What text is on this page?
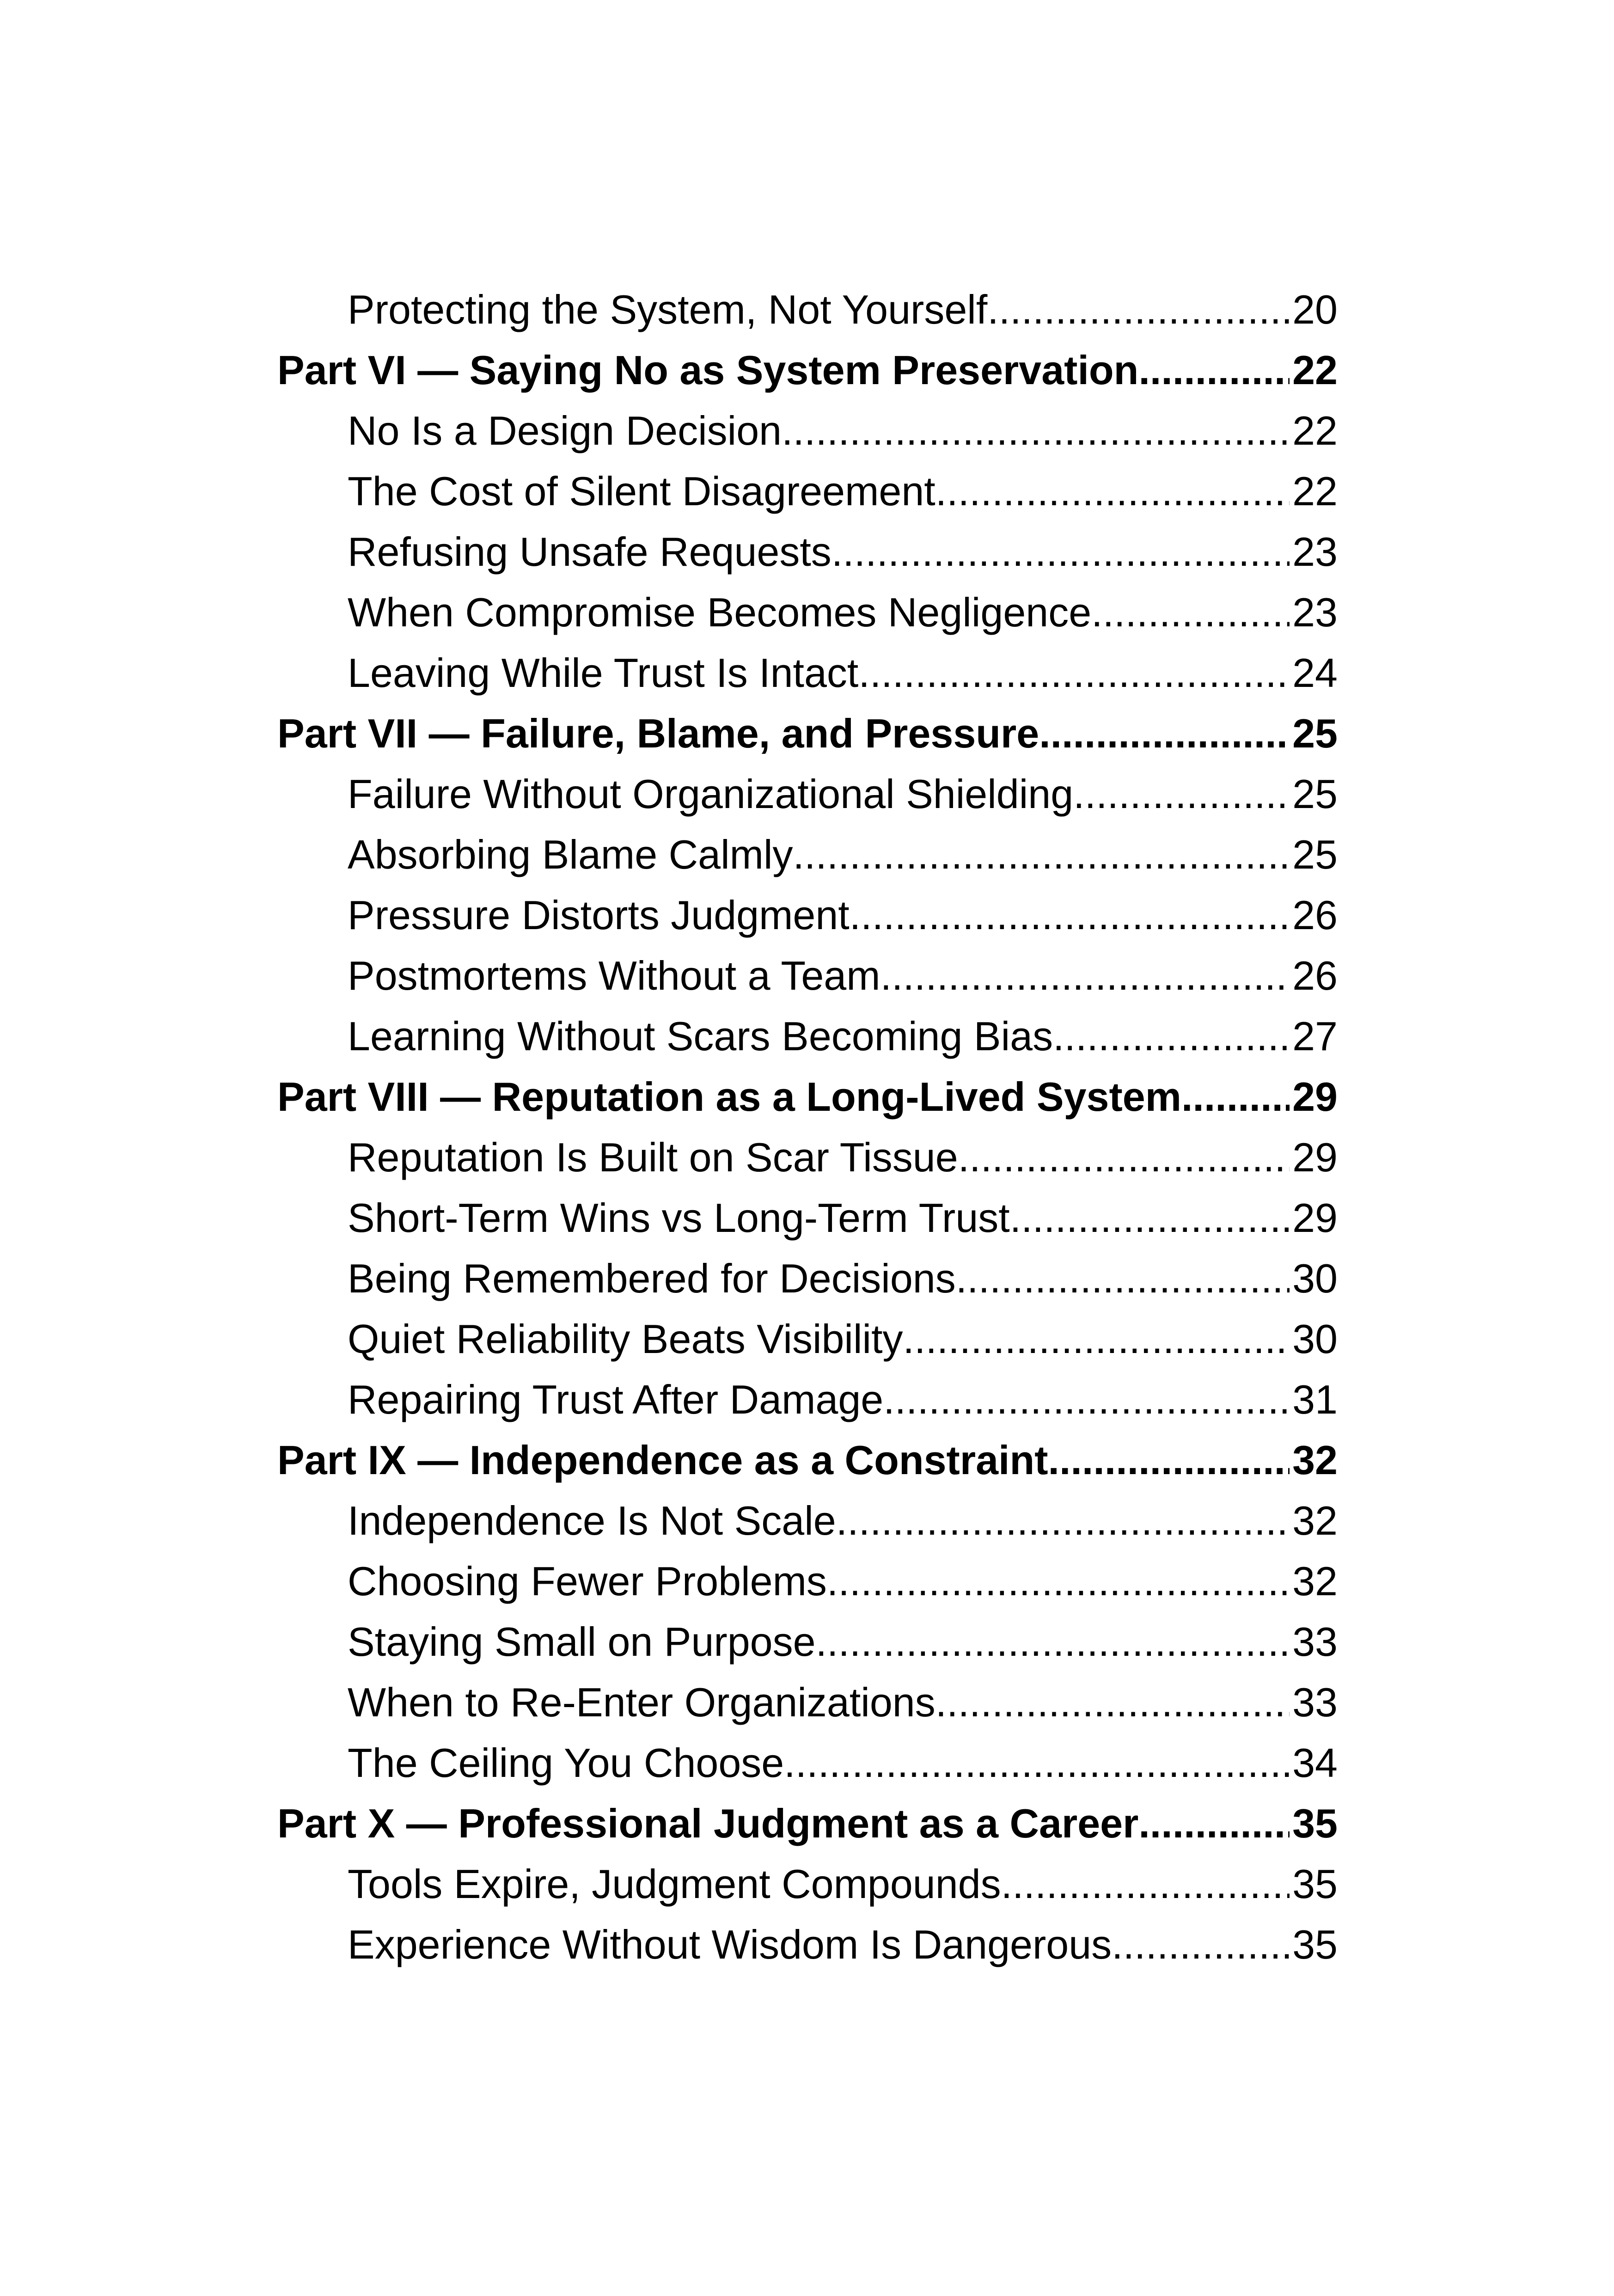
Protecting the System, Not Yourself .....	20
Part VI — Saying No as System Preservation .....	22
No Is a Design Decision .....	22
The Cost of Silent Disagreement .....	22
Refusing Unsafe Requests .....	23
When Compromise Becomes Negligence .....	23
Leaving While Trust Is Intact .....	24
Part VII — Failure, Blame, and Pressure .....	25
Failure Without Organizational Shielding .....	25
Absorbing Blame Calmly .....	25
Pressure Distorts Judgment .....	26
Postmortems Without a Team .....	26
Learning Without Scars Becoming Bias .....	27
Part VIII — Reputation as a Long-Lived System .....	29
Reputation Is Built on Scar Tissue .....	29
Short-Term Wins vs Long-Term Trust .....	29
Being Remembered for Decisions .....	30
Quiet Reliability Beats Visibility .....	30
Repairing Trust After Damage .....	31
Part IX — Independence as a Constraint .....	32
Independence Is Not Scale .....	32
Choosing Fewer Problems .....	32
Staying Small on Purpose .....	33
When to Re-Enter Organizations .....	33
The Ceiling You Choose .....	34
Part X — Professional Judgment as a Career .....	35
Tools Expire, Judgment Compounds .....	35
Experience Without Wisdom Is Dangerous .....	35
